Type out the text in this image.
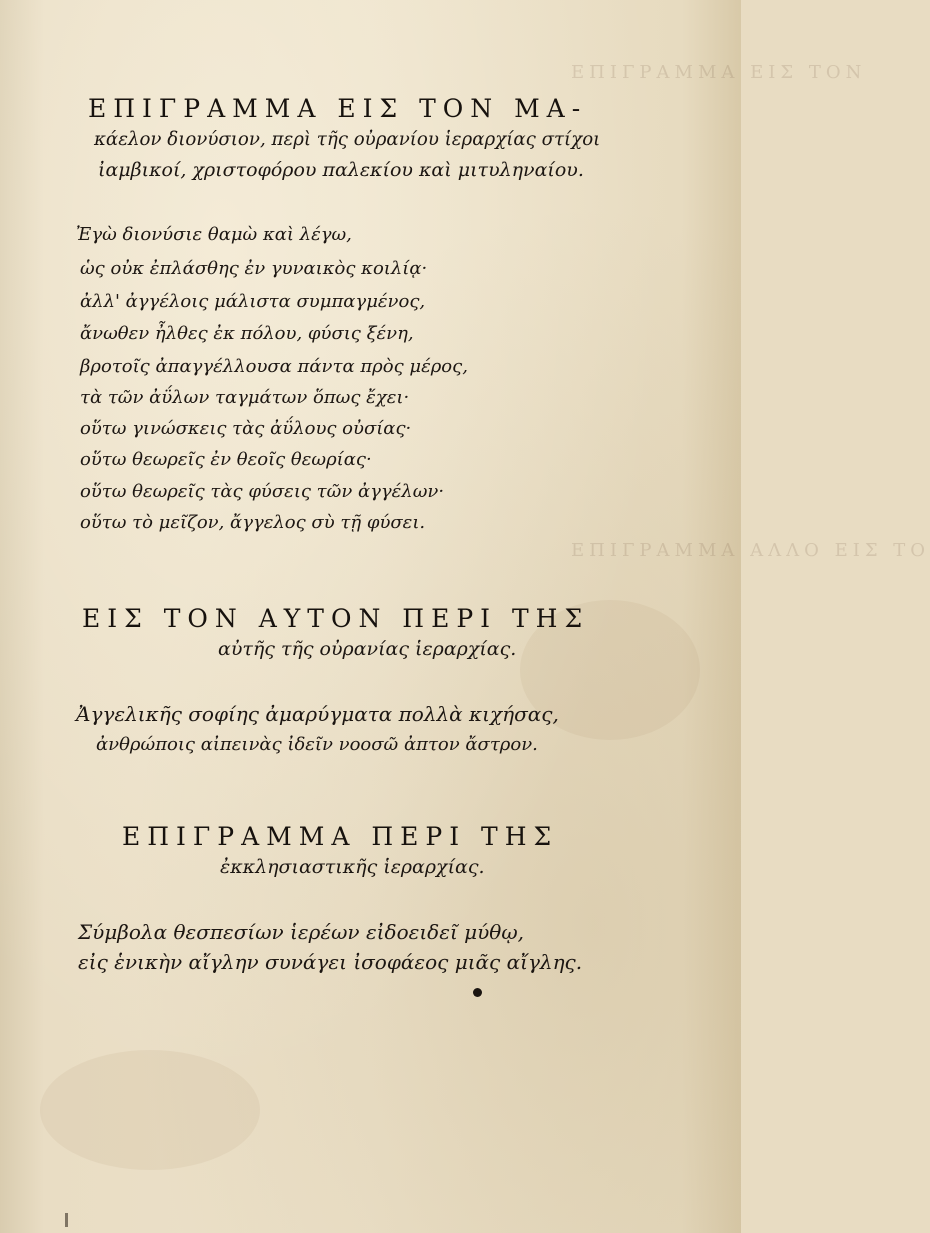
ΕΠΙΓΡΑΜΜΑ ΕΙΣ ΤΟΝ
ΕΠΙΓΡΑΜΜΑ ΑΛΛΟ ΕΙΣ ΤΟ
ΕΠΙΓΡΑΜΜΑ ΕΙΣ ΤΟΝ ΜΑ-
κάελον διονύσιον, περὶ τῆς οὐρανίου ἱεραρχίας στίχοι
ἰαμβικοί, χριστοφόρου παλεκίου καὶ μιτυληναίου.
Ἐγὼ διονύσιε θαμὼ καὶ λέγω,
ὡς οὐκ ἐπλάσθης ἐν γυναικὸς κοιλίᾳ·
ἀλλ' ἀγγέλοις μάλιστα συμπαγμένος,
ἄνωθεν ἦλθες ἐκ πόλου, φύσις ξένη,
βροτοῖς ἀπαγγέλλουσα πάντα πρὸς μέρος,
τὰ τῶν ἀΰλων ταγμάτων ὅπως ἔχει·
οὕτω γινώσκεις τὰς ἀΰλους οὐσίας·
οὕτω θεωρεῖς ἐν θεοῖς θεωρίας·
οὕτω θεωρεῖς τὰς φύσεις τῶν ἀγγέλων·
οὕτω τὸ μεῖζον, ἄγγελος σὺ τῇ φύσει.
ΕΙΣ ΤΟΝ ΑΥΤΟΝ ΠΕΡΙ ΤΗΣ
αὐτῆς τῆς οὐρανίας ἱεραρχίας.
Ἀγγελικῆς σοφίης ἀμαρύγματα πολλὰ κιχήσας,
ἀνθρώποις αἰπεινὰς ἰδεῖν νοοσῶ ἀπτον ἄστρον.
ΕΠΙΓΡΑΜΜΑ ΠΕΡΙ ΤΗΣ
ἐκκλησιαστικῆς ἱεραρχίας.
Σύμβολα θεσπεσίων ἱερέων εἰδοειδεῖ μύθῳ,
εἰς ἑνικὴν αἴγλην συνάγει ἰσοφάεος μιᾶς αἴγλης.
